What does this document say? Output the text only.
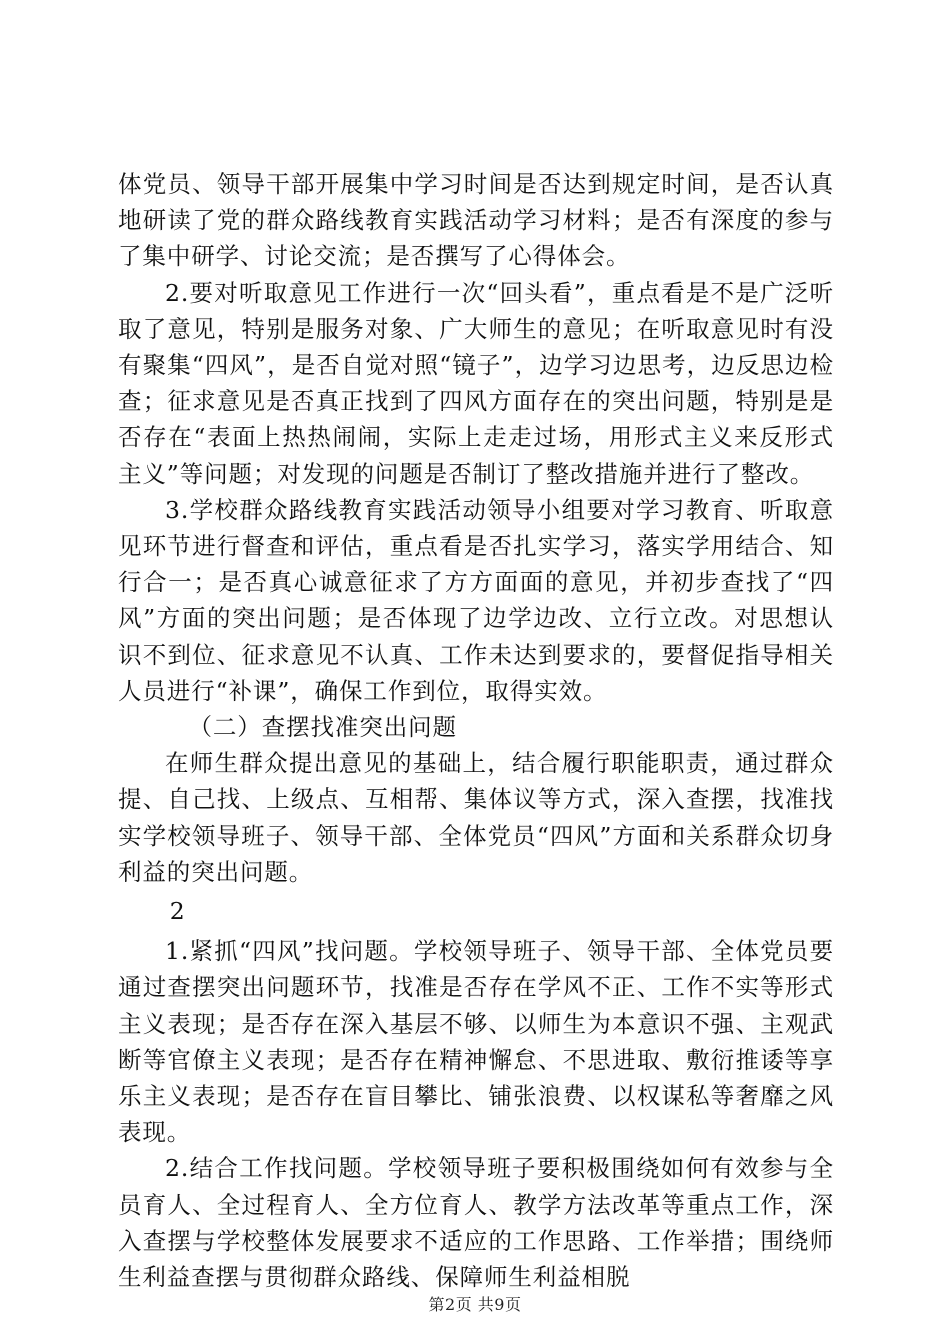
体党员、领导干部开展集中学习时间是否达到规定时间，是否认真地研读了党的群众路线教育实践活动学习材料；是否有深度的参与了集中研学、讨论交流；是否撰写了心得体会。

2.要对听取意见工作进行一次“回头看”，重点看是不是广泛听取了意见，特别是服务对象、广大师生的意见；在听取意见时有没有聚集“四风”，是否自觉对照“镜子”，边学习边思考，边反思边检查；征求意见是否真正找到了四风方面存在的突出问题，特别是是否存在“表面上热热闹闹，实际上走走过场，用形式主义来反形式主义”等问题；对发现的问题是否制订了整改措施并进行了整改。

3.学校群众路线教育实践活动领导小组要对学习教育、听取意见环节进行督查和评估，重点看是否扎实学习，落实学用结合、知行合一；是否真心诚意征求了方方面面的意见，并初步查找了“四风”方面的突出问题；是否体现了边学边改、立行立改。对思想认识不到位、征求意见不认真、工作未达到要求的，要督促指导相关人员进行“补课”，确保工作到位，取得实效。

（二）查摆找准突出问题

在师生群众提出意见的基础上，结合履行职能职责，通过群众提、自己找、上级点、互相帮、集体议等方式，深入查摆，找准找实学校领导班子、领导干部、全体党员“四风”方面和关系群众切身利益的突出问题。

2

1.紧抓“四风”找问题。学校领导班子、领导干部、全体党员要通过查摆突出问题环节，找准是否存在学风不正、工作不实等形式主义表现；是否存在深入基层不够、以师生为本意识不强、主观武断等官僚主义表现；是否存在精神懈怠、不思进取、敷衍推诿等享乐主义表现；是否存在盲目攀比、铺张浪费、以权谋私等奢靡之风表现。

2.结合工作找问题。学校领导班子要积极围绕如何有效参与全员育人、全过程育人、全方位育人、教学方法改革等重点工作，深入查摆与学校整体发展要求不适应的工作思路、工作举措；围绕师生利益查摆与贯彻群众路线、保障师生利益相脱

第2页 共9页
